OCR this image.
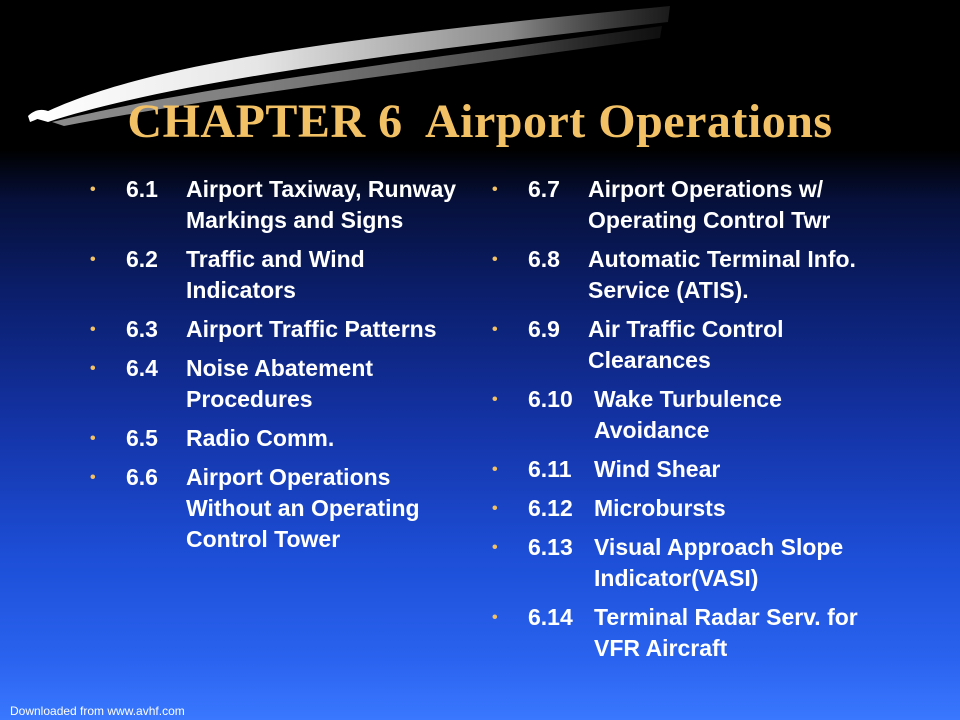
CHAPTER 6  Airport Operations
• 6.1	Airport Taxiway, Runway Markings and Signs
• 6.2	Traffic and Wind Indicators
• 6.3	Airport Traffic Patterns
• 6.4	Noise Abatement Procedures
• 6.5	Radio Comm.
• 6.6	Airport Operations Without an Operating Control Tower
• 6.7	Airport Operations w/ Operating Control Twr
• 6.8	Automatic Terminal Info. Service (ATIS).
• 6.9	Air Traffic Control Clearances
• 6.10 Wake Turbulence Avoidance
• 6.11 Wind Shear
• 6.12 Microbursts
• 6.13 Visual Approach Slope Indicator(VASI)
• 6.14 Terminal Radar Serv. for VFR Aircraft
Downloaded from www.avhf.com
